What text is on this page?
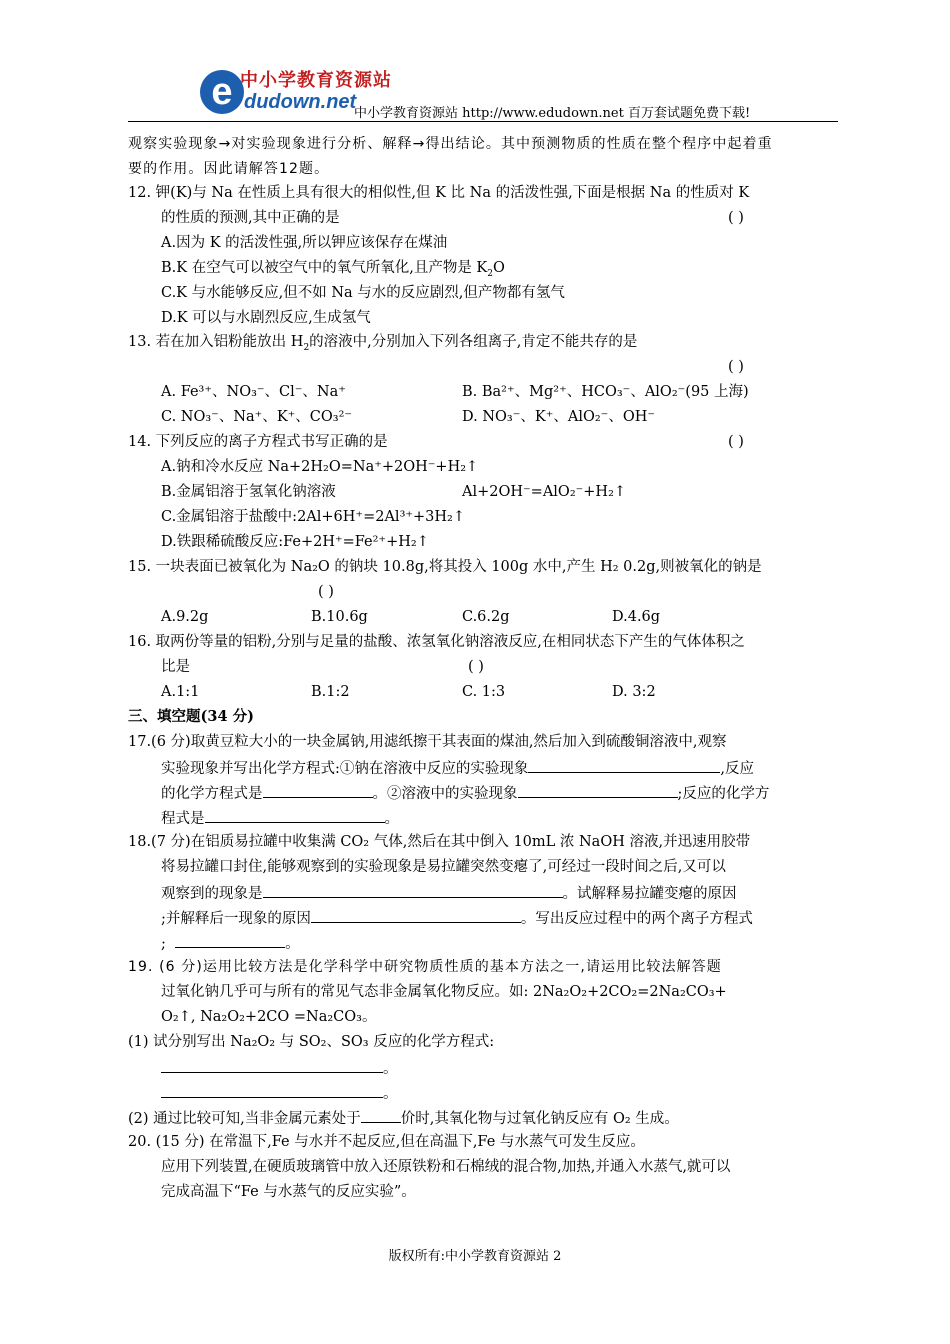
e 中小学教育资源站
dudown.net
中小学教育资源站 http://www.edudown.net 百万套试题免费下载!
观察实验现象→对实验现象进行分析、解释→得出结论。其中预测物质的性质在整个程序中起着重
要的作用。因此请解答12题。
12. 钾(K)与 Na 在性质上具有很大的相似性,但 K 比 Na 的活泼性强,下面是根据 Na 的性质对 K
的性质的预测,其中正确的是	( )
A.因为 K 的活泼性强,所以钾应该保存在煤油
B.K 在空气可以被空气中的氧气所氧化,且产物是 $K_2O$
C.K 与水能够反应,但不如 Na 与水的反应剧烈,但产物都有氢气
D.K 可以与水剧烈反应,生成氢气
13. 若在加入铝粉能放出 $H_2$的溶液中,分别加入下列各组离子,肯定不能共存的是
( )
A. Fe³⁺、NO₃⁻、Cl⁻、Na⁺	B. Ba²⁺、Mg²⁺、HCO₃⁻、AlO₂⁻(95 上海)
C. NO₃⁻、Na⁺、K⁺、CO₃²⁻	D. NO₃⁻、K⁺、AlO₂⁻、OH⁻
14. 下列反应的离子方程式书写正确的是	( )
A.钠和冷水反应 Na+2H₂O=Na⁺+2OH⁻+H₂↑
B.金属铝溶于氢氧化钠溶液	Al+2OH⁻=AlO₂⁻+H₂↑
C.金属铝溶于盐酸中:2Al+6H⁺=2Al³⁺+3H₂↑
D.铁跟稀硫酸反应:Fe+2H⁺=Fe²⁺+H₂↑
15. 一块表面已被氧化为 Na₂O 的钠块 10.8g,将其投入 100g 水中,产生 H₂ 0.2g,则被氧化的钠是
( )
A.9.2g	B.10.6g	C.6.2g	D.4.6g
16. 取两份等量的铝粉,分别与足量的盐酸、浓氢氧化钠溶液反应,在相同状态下产生的气体体积之
比是	( )
A.1:1	B.1:2	C. 1:3	D. 3:2
三、填空题(34 分)
17.(6 分)取黄豆粒大小的一块金属钠,用滤纸擦干其表面的煤油,然后加入到硫酸铜溶液中,观察
实验现象并写出化学方程式:①钠在溶液中反应的实验现象	,反应
的化学方程式是	。②溶液中的实验现象	;反应的化学方
程式是	。
18.(7 分)在铝质易拉罐中收集满 CO₂ 气体,然后在其中倒入 10mL 浓 NaOH 溶液,并迅速用胶带
将易拉罐口封住,能够观察到的实验现象是易拉罐突然变瘪了,可经过一段时间之后,又可以
观察到的现象是	。试解释易拉罐变瘪的原因
;并解释后一现象的原因	。写出反应过程中的两个离子方程式
;	。
19. (6 分)运用比较方法是化学科学中研究物质性质的基本方法之一,请运用比较法解答题
过氧化钠几乎可与所有的常见气态非金属氧化物反应。如: 2Na₂O₂+2CO₂=2Na₂CO₃+
O₂↑, Na₂O₂+2CO =Na₂CO₃。
(1) 试分别写出 Na₂O₂ 与 SO₂、SO₃ 反应的化学方程式:
。
。
(2) 通过比较可知,当非金属元素处于	价时,其氧化物与过氧化钠反应有 O₂ 生成。
20. (15 分) 在常温下,Fe 与水并不起反应,但在高温下,Fe 与水蒸气可发生反应。
应用下列装置,在硬质玻璃管中放入还原铁粉和石棉绒的混合物,加热,并通入水蒸气,就可以
完成高温下“Fe 与水蒸气的反应实验”。
版权所有:中小学教育资源站 2
